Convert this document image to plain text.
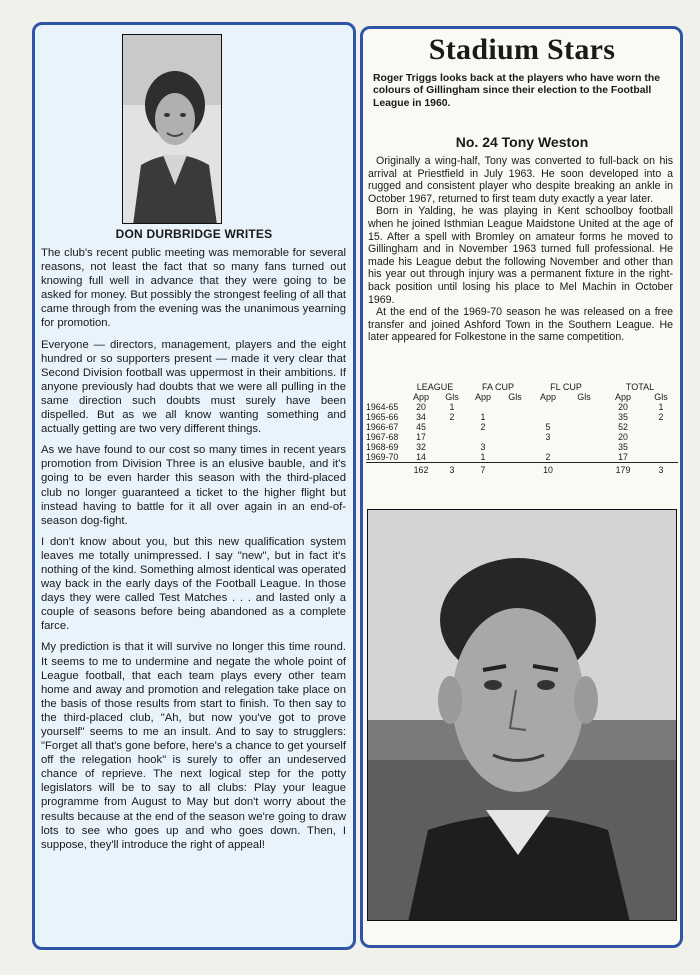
DON DURBRIDGE WRITES

The club's recent public meeting was memorable for several reasons, not least the fact that so many fans turned out knowing full well in advance that they were going to be asked for money. But possibly the strongest feeling of all that came through from the evening was the unanimous yearning for promotion.

Everyone — directors, management, players and the eight hundred or so supporters present — made it very clear that Second Division football was uppermost in their ambitions. If anyone previously had doubts that we were all pulling in the same direction such doubts must surely have been dispelled. But as we all know wanting something and actually getting are two very different things.

As we have found to our cost so many times in recent years promotion from Division Three is an elusive bauble, and it's going to be even harder this season with the third-placed club no longer guaranteed a ticket to the higher flight but instead having to battle for it all over again in an end-of-season dog-fight.

I don't know about you, but this new qualification system leaves me totally unimpressed. I say "new", but in fact it's nothing of the kind. Something almost identical was operated way back in the early days of the Football League. In those days they were called Test Matches . . . and lasted only a couple of seasons before being abandoned as a complete farce.

My prediction is that it will survive no longer this time round. It seems to me to undermine and negate the whole point of League football, that each team plays every other team home and away and promotion and relegation take place on the basis of those results from start to finish. To then say to the third-placed club, "Ah, but now you've got to prove yourself" seems to me an insult. And to say to strugglers: "Forget all that's gone before, here's a chance to get yourself off the relegation hook" is surely to offer an undeserved chance of reprieve. The next logical step for the potty legislators will be to say to all clubs: Play your league programme from August to May but don't worry about the results because at the end of the season we're going to draw lots to see who goes up and who goes down. Then, I suppose, they'll introduce the right of appeal!

Stadium Stars
Roger Triggs looks back at the players who have worn the colours of Gillingham since their election to the Football League in 1960.
No. 24 Tony Weston

Originally a wing-half, Tony was converted to full-back on his arrival at Priestfield in July 1963. He soon developed into a rugged and consistent player who despite breaking an ankle in October 1967, returned to first team duty exactly a year later.

Born in Yalding, he was playing in Kent schoolboy football when he joined Isthmian League Maidstone United at the age of 15. After a spell with Bromley on amateur forms he moved to Gillingham and in November 1963 turned full professional. He made his League debut the following November and other than his year out through injury was a permanent fixture in the right-back position until losing his place to Mel Machin in October 1969.

At the end of the 1969-70 season he was released on a free transfer and joined Ashford Town in the Southern League. He later appeared for Folkestone in the same competition.

	LEAGUE		FA CUP		FL CUP		TOTAL	
	App	Gls	App	Gls	App	Gls	App	Gls
1964-65	20	1					20	1
1965-66	34	2	1				35	2
1966-67	45		2		5		52	
1967-68	17				3		20	
1968-69	32		3				35	
1969-70	14		1		2		17	
	162	3	7		10		179	3
